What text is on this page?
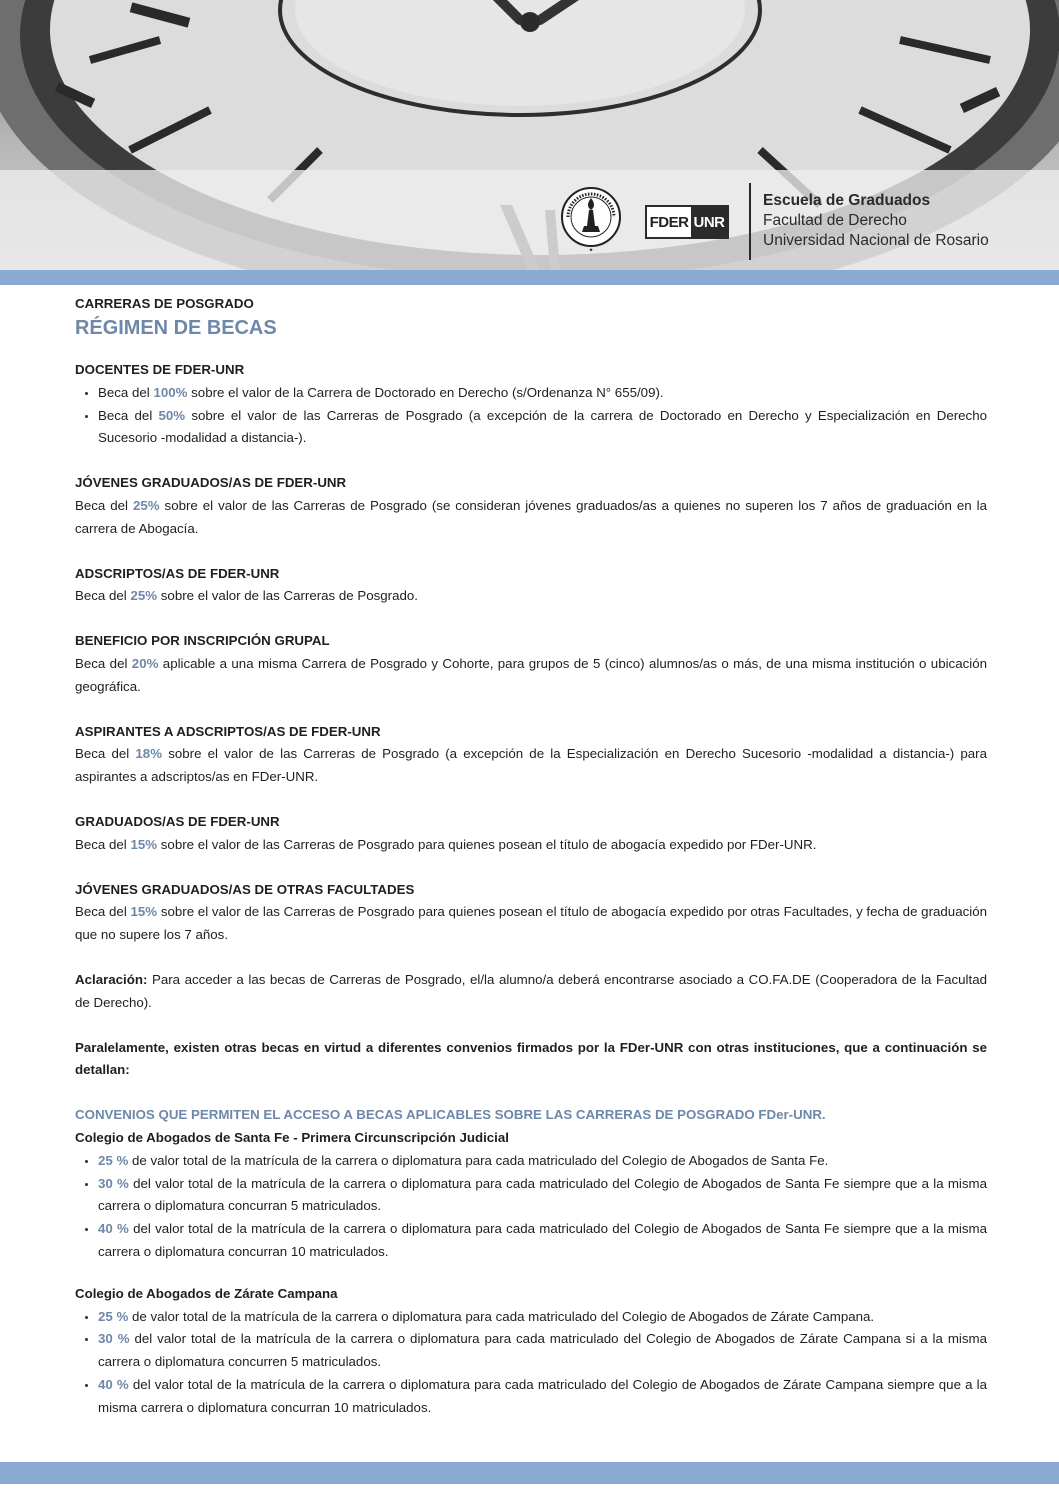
✦
FDER UNR
Escuela de Graduados
Facultad de Derecho
Universidad Nacional de Rosario
CARRERAS DE POSGRADO
RÉGIMEN DE BECAS
DOCENTES DE FDER-UNR
• Beca del 100% sobre el valor de la Carrera de Doctorado en Derecho (s/Ordenanza N° 655/09).
• Beca del 50% sobre el valor de las Carreras de Posgrado (a excepción de la carrera de Doctorado en Derecho y Especialización en Derecho Sucesorio -modalidad a distancia-).
JÓVENES GRADUADOS/AS DE FDER-UNR

Beca del 25% sobre el valor de las Carreras de Posgrado (se consideran jóvenes graduados/as a quienes no superen los 7 años de graduación en la carrera de Abogacía.

ADSCRIPTOS/AS DE FDER-UNR

Beca del 25% sobre el valor de las Carreras de Posgrado.

BENEFICIO POR INSCRIPCIÓN GRUPAL

Beca del 20% aplicable a una misma Carrera de Posgrado y Cohorte, para grupos de 5 (cinco) alumnos/as o más, de una misma institución o ubicación geográfica.

ASPIRANTES A ADSCRIPTOS/AS DE FDER-UNR

Beca del 18% sobre el valor de las Carreras de Posgrado (a excepción de la Especialización en Derecho Sucesorio -modalidad a distancia-) para aspirantes a adscriptos/as en FDer-UNR.

GRADUADOS/AS DE FDER-UNR

Beca del 15% sobre el valor de las Carreras de Posgrado para quienes posean el título de abogacía expedido por FDer-UNR.

JÓVENES GRADUADOS/AS DE OTRAS FACULTADES

Beca del 15% sobre el valor de las Carreras de Posgrado para quienes posean el título de abogacía expedido por otras Facultades, y fecha de graduación que no supere los 7 años.

Aclaración: Para acceder a las becas de Carreras de Posgrado, el/la alumno/a deberá encontrarse asociado a CO.FA.DE (Cooperadora de la Facultad de Derecho).

Paralelamente, existen otras becas en virtud a diferentes convenios firmados por la FDer-UNR con otras instituciones, que a continuación se detallan:

CONVENIOS QUE PERMITEN EL ACCESO A BECAS APLICABLES SOBRE LAS CARRERAS DE POSGRADO FDer-UNR.

Colegio de Abogados de Santa Fe - Primera Circunscripción Judicial
• 25 % de valor total de la matrícula de la carrera o diplomatura para cada matriculado del Colegio de Abogados de Santa Fe.
• 30 % del valor total de la matrícula de la carrera o diplomatura para cada matriculado del Colegio de Abogados de Santa Fe siempre que a la misma carrera o diplomatura concurran 5 matriculados.
• 40 % del valor total de la matrícula de la carrera o diplomatura para cada matriculado del Colegio de Abogados de Santa Fe siempre que a la misma carrera o diplomatura concurran 10 matriculados.
Colegio de Abogados de Zárate Campana
• 25 % de valor total de la matrícula de la carrera o diplomatura para cada matriculado del Colegio de Abogados de Zárate Campana.
• 30 % del valor total de la matrícula de la carrera o diplomatura para cada matriculado del Colegio de Abogados de Zárate Campana si a la misma carrera o diplomatura concurren 5 matriculados.
• 40 % del valor total de la matrícula de la carrera o diplomatura para cada matriculado del Colegio de Abogados de Zárate Campana siempre que a la misma carrera o diplomatura concurran 10 matriculados.
